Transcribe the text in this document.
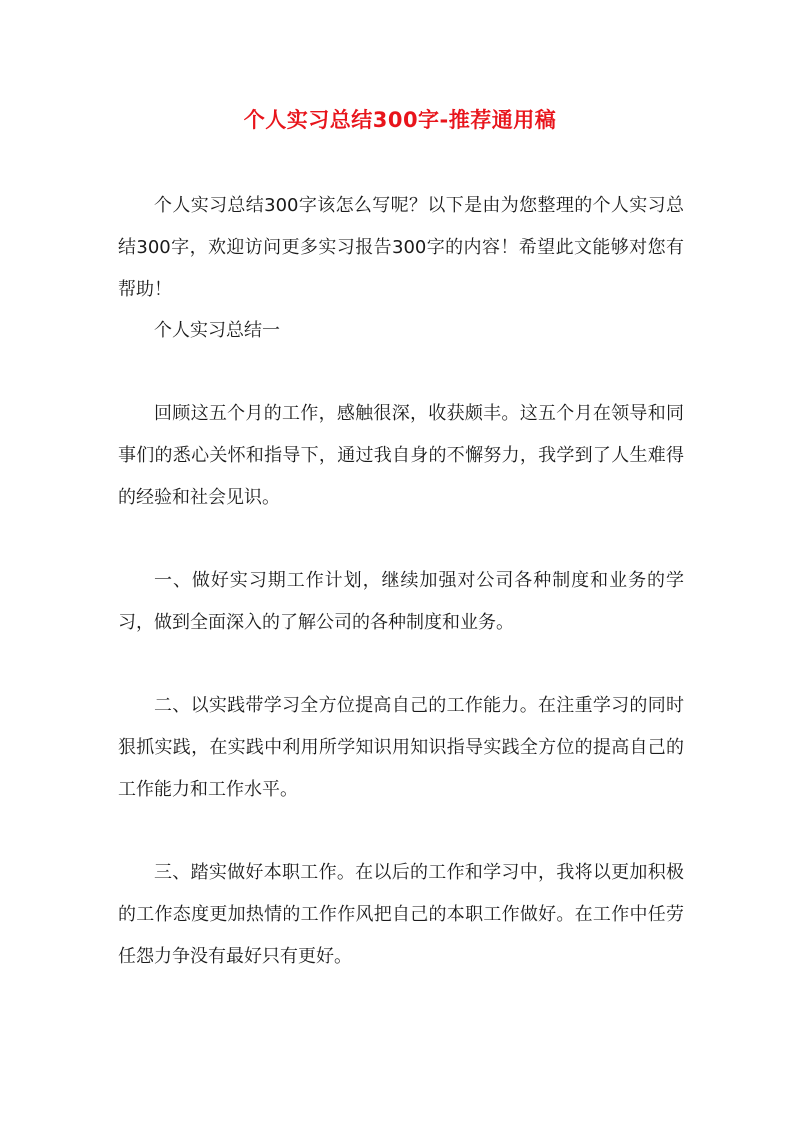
个人实习总结300字-推荐通用稿

个人实习总结300字该怎么写呢？以下是由为您整理的个人实习总结300字，欢迎访问更多实习报告300字的内容！希望此文能够对您有帮助！

个人实习总结一

回顾这五个月的工作，感触很深，收获颇丰。这五个月在领导和同事们的悉心关怀和指导下，通过我自身的不懈努力，我学到了人生难得的经验和社会见识。

一、做好实习期工作计划，继续加强对公司各种制度和业务的学习，做到全面深入的了解公司的各种制度和业务。

二、以实践带学习全方位提高自己的工作能力。在注重学习的同时狠抓实践，在实践中利用所学知识用知识指导实践全方位的提高自己的工作能力和工作水平。

三、踏实做好本职工作。在以后的工作和学习中，我将以更加积极的工作态度更加热情的工作作风把自己的本职工作做好。在工作中任劳任怨力争没有最好只有更好。
